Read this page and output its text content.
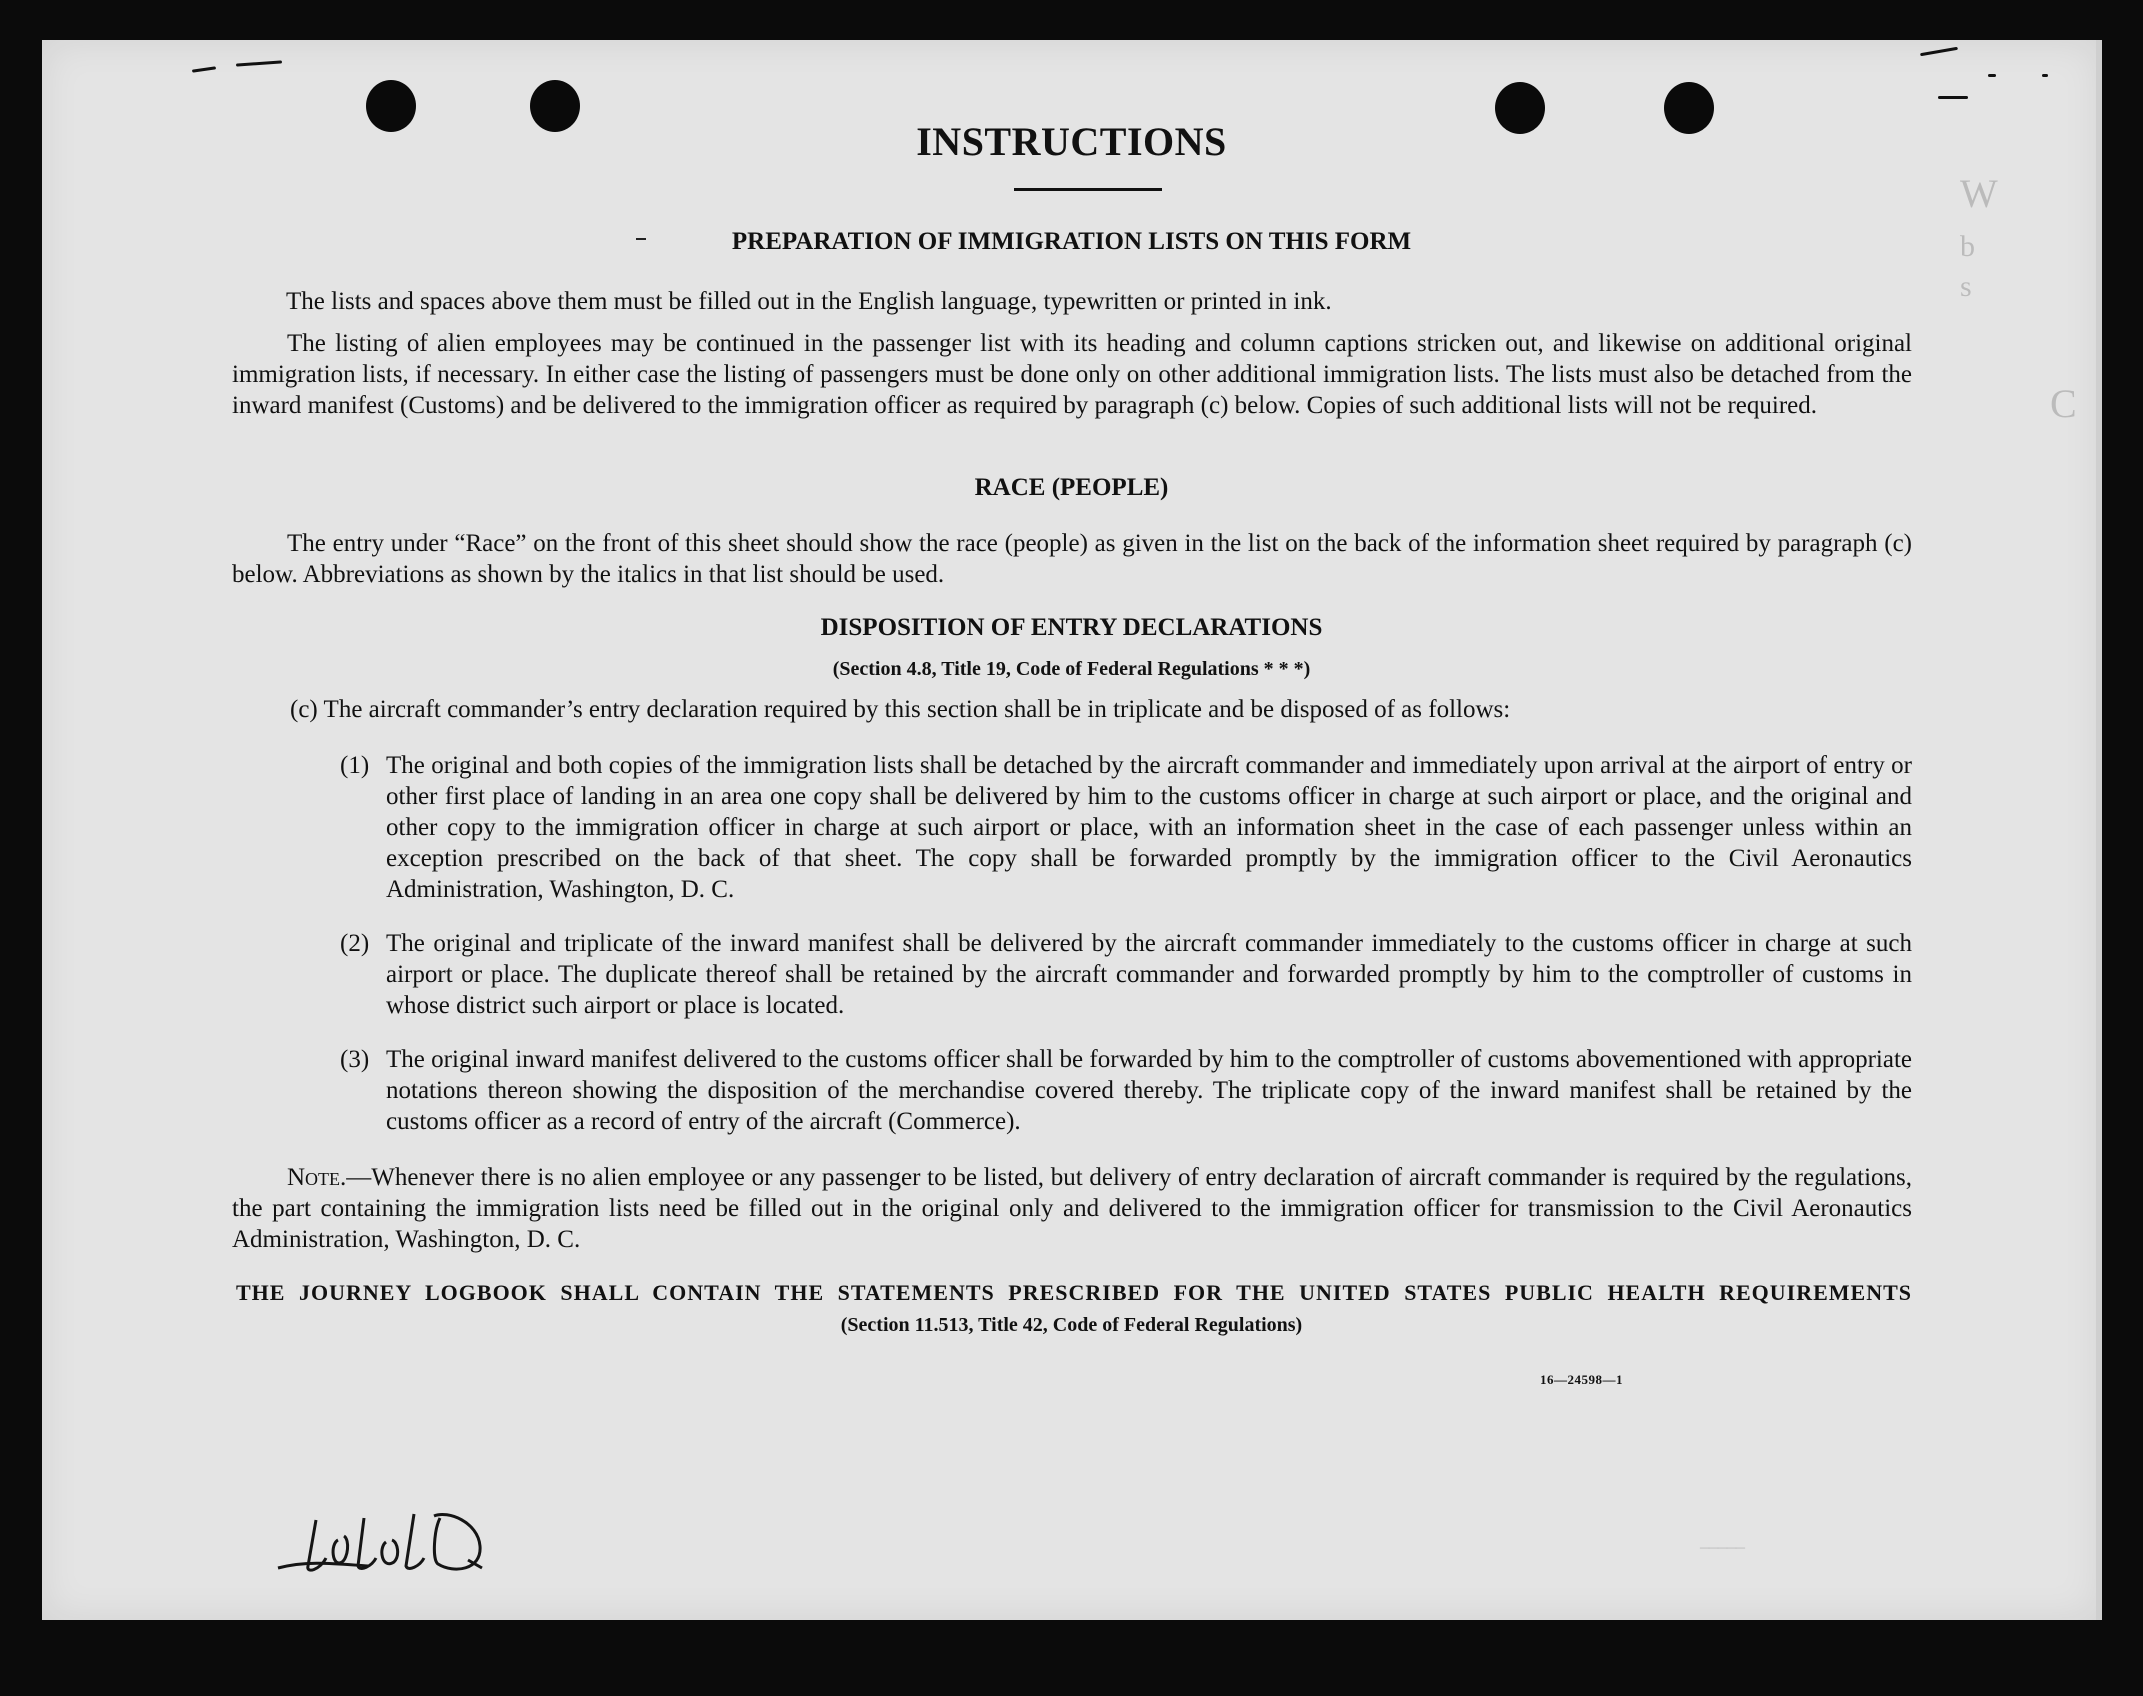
W
b
s
C
_____
INSTRUCTIONS
PREPARATION OF IMMIGRATION LISTS ON THIS FORM
The lists and spaces above them must be filled out in the English language, typewritten or printed in ink.
The listing of alien employees may be continued in the passenger list with its heading and column captions stricken out, and likewise on additional original immigration lists, if necessary. In either case the listing of passengers must be done only on other additional immigration lists. The lists must also be detached from the inward manifest (Customs) and be delivered to the immigration officer as required by paragraph (c) below. Copies of such additional lists will not be required.
RACE (PEOPLE)
The entry under “Race” on the front of this sheet should show the race (people) as given in the list on the back of the information sheet required by paragraph (c) below. Abbreviations as shown by the italics in that list should be used.
DISPOSITION OF ENTRY DECLARATIONS
(Section 4.8, Title 19, Code of Federal Regulations * * *)
(c) The aircraft commander’s entry declaration required by this section shall be in triplicate and be disposed of as follows:
(1) The original and both copies of the immigration lists shall be detached by the aircraft commander and immediately upon arrival at the airport of entry or other first place of landing in an area one copy shall be delivered by him to the customs officer in charge at such airport or place, and the original and other copy to the immigration officer in charge at such airport or place, with an information sheet in the case of each passenger unless within an exception prescribed on the back of that sheet. The copy shall be forwarded promptly by the immigration officer to the Civil Aeronautics Administration, Washington, D. C.
(2) The original and triplicate of the inward manifest shall be delivered by the aircraft commander immediately to the customs officer in charge at such airport or place. The duplicate thereof shall be retained by the aircraft commander and forwarded promptly by him to the comptroller of customs in whose district such airport or place is located.
(3) The original inward manifest delivered to the customs officer shall be forwarded by him to the comptroller of customs abovementioned with appropriate notations thereon showing the disposition of the merchandise covered thereby. The triplicate copy of the inward manifest shall be retained by the customs officer as a record of entry of the aircraft (Commerce).
Note.—Whenever there is no alien employee or any passenger to be listed, but delivery of entry declaration of aircraft commander is required by the regulations, the part containing the immigration lists need be filled out in the original only and delivered to the immigration officer for transmission to the Civil Aeronautics Administration, Washington, D. C.
THE JOURNEY LOGBOOK SHALL CONTAIN THE STATEMENTS PRESCRIBED FOR THE UNITED STATES PUBLIC HEALTH REQUIREMENTS
(Section 11.513, Title 42, Code of Federal Regulations)
16—24598—1
